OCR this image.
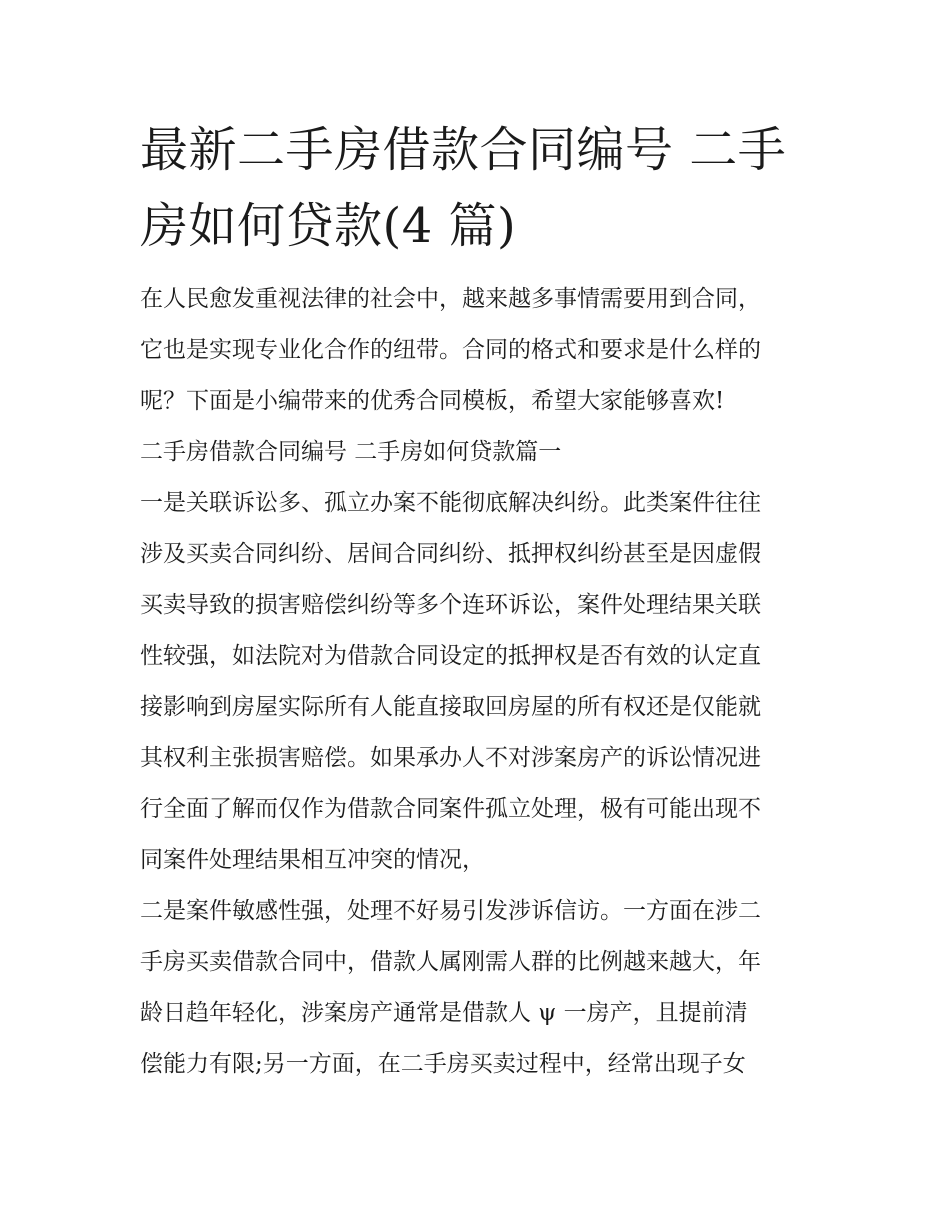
最新二手房借款合同编号 二手
房如何贷款(4 篇)

在人民愈发重视法律的社会中，越来越多事情需要用到合同，
它也是实现专业化合作的纽带。合同的格式和要求是什么样的
呢？下面是小编带来的优秀合同模板，希望大家能够喜欢!

二手房借款合同编号 二手房如何贷款篇一

一是关联诉讼多、孤立办案不能彻底解决纠纷。此类案件往往
涉及买卖合同纠纷、居间合同纠纷、抵押权纠纷甚至是因虚假
买卖导致的损害赔偿纠纷等多个连环诉讼，案件处理结果关联
性较强，如法院对为借款合同设定的抵押权是否有效的认定直
接影响到房屋实际所有人能直接取回房屋的所有权还是仅能就
其权利主张损害赔偿。如果承办人不对涉案房产的诉讼情况进
行全面了解而仅作为借款合同案件孤立处理，极有可能出现不
同案件处理结果相互冲突的情况，

二是案件敏感性强，处理不好易引发涉诉信访。一方面在涉二
手房买卖借款合同中，借款人属刚需人群的比例越来越大，年
龄日趋年轻化，涉案房产通常是借款人 ψ 一房产，且提前清
偿能力有限;另一方面，在二手房买卖过程中，经常出现子女
